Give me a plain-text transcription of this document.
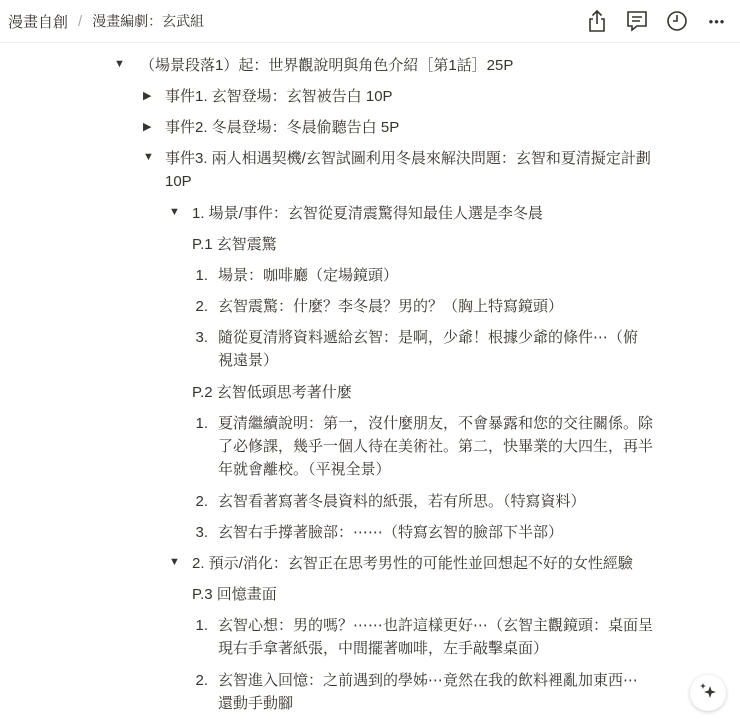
漫畫自創 / 漫畫編劇：玄武組	•••
▼ （場景段落1）起：世界觀說明與角色介紹［第1話］25P
▶ 事件1. 玄智登場：玄智被告白 10P
▶ 事件2. 冬晨登場：冬晨偷聽告白 5P
▼ 事件3. 兩人相遇契機/玄智試圖利用冬晨來解決問題：玄智和夏清擬定計劃 10P
▼ 1. 場景/事件：玄智從夏清震驚得知最佳人選是李冬晨
P.1 玄智震驚
1. 場景：咖啡廳（定場鏡頭）
2. 玄智震驚：什麼？李冬晨？男的？（胸上特寫鏡頭）
3. 隨從夏清將資料遞給玄智：是啊，少爺！根據少爺的條件⋯（俯視遠景）
P.2 玄智低頭思考著什麼
1. 夏清繼續說明：第一，沒什麼朋友，不會暴露和您的交往關係。除了必修課，幾乎一個人待在美術社。第二，快畢業的大四生，再半年就會離校。（平視全景）
2. 玄智看著寫著冬晨資料的紙張，若有所思。（特寫資料）
3. 玄智右手撐著臉部：⋯⋯（特寫玄智的臉部下半部）
▼ 2. 預示/消化：玄智正在思考男性的可能性並回想起不好的女性經驗
P.3 回憶畫面
1. 玄智心想：男的嗎？⋯⋯也許這樣更好⋯（玄智主觀鏡頭：桌面呈現右手拿著紙張，中間擺著咖啡，左手敲擊桌面）
2. 玄智進入回憶：之前遇到的學姊⋯竟然在我的飲料裡亂加東西⋯還動手動腳
